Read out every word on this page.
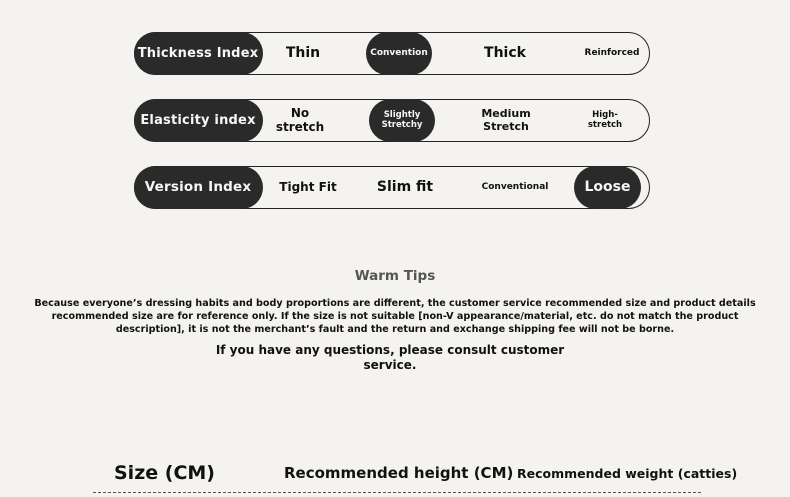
Thickness Index	Thin	Convention	Thick	Reinforced
Elasticity index	No stretch
Slightly Stretchy
Medium Stretch
High-stretch
Version Index	Tight Fit	Slim fit	Conventional	Loose
Warm Tips
Because everyone’s dressing habits and body proportions are different, the customer service recommended size and product details recommended size are for reference only. If the size is not suitable [non-V appearance/material, etc. do not match the product description], it is not the merchant’s fault and the return and exchange shipping fee will not be borne.
If you have any questions, please consult customer service.
Size (CM)	Recommended height (CM) Recommended weight (catties)
